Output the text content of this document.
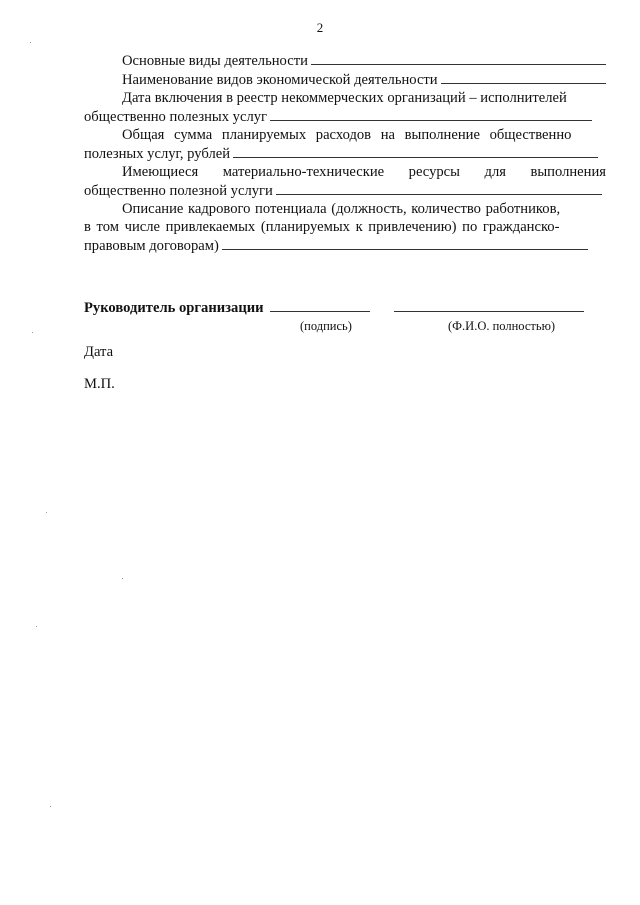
2
Основные виды деятельности
Наименование видов экономической деятельности
Дата включения в реестр некоммерческих организаций – исполнителей
общественно полезных услуг
Общая сумма планируемых расходов на выполнение общественно
полезных услуг, рублей
Имеющиеся материально-технические ресурсы для выполнения
общественно полезной услуги
Описание кадрового потенциала (должность, количество работников,
в том числе привлекаемых (планируемых к привлечению) по гражданско-
правовым договорам)
Руководитель организации
(подпись)	(Ф.И.О. полностью)
Дата
М.П.
